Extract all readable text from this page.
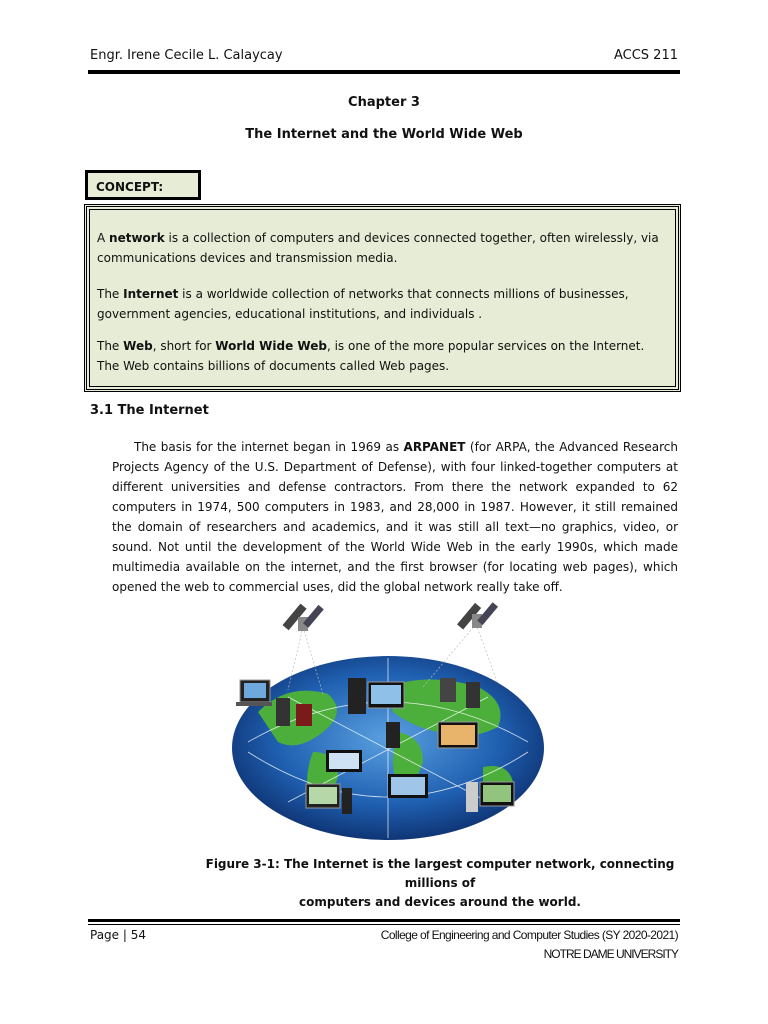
Engr. Irene Cecile L. Calaycay	ACCS 211
Chapter 3
The Internet and the World Wide Web
CONCEPT:

A network is a collection of computers and devices connected together, often wirelessly, via communications devices and transmission media.

The Internet is a worldwide collection of networks that connects millions of businesses, government agencies, educational institutions, and individuals .

The Web, short for World Wide Web, is one of the more popular services on the Internet. The Web contains billions of documents called Web pages.

3.1 The Internet
The basis for the internet began in 1969 as ARPANET (for ARPA, the Advanced Research Projects Agency of the U.S. Department of Defense), with four linked-together computers at different universities and defense contractors. From there the network expanded to 62 computers in 1974, 500 computers in 1983, and 28,000 in 1987. However, it still remained the domain of researchers and academics, and it was still all text—no graphics, video, or sound. Not until the development of the World Wide Web in the early 1990s, which made multimedia available on the internet, and the first browser (for locating web pages), which opened the web to commercial uses, did the global network really take off.
Figure 3-1: The Internet is the largest computer network, connecting millions of
computers and devices around the world.
Page | 54	College of Engineering and Computer Studies (SY 2020-2021)
NOTRE DAME UNIVERSITY
